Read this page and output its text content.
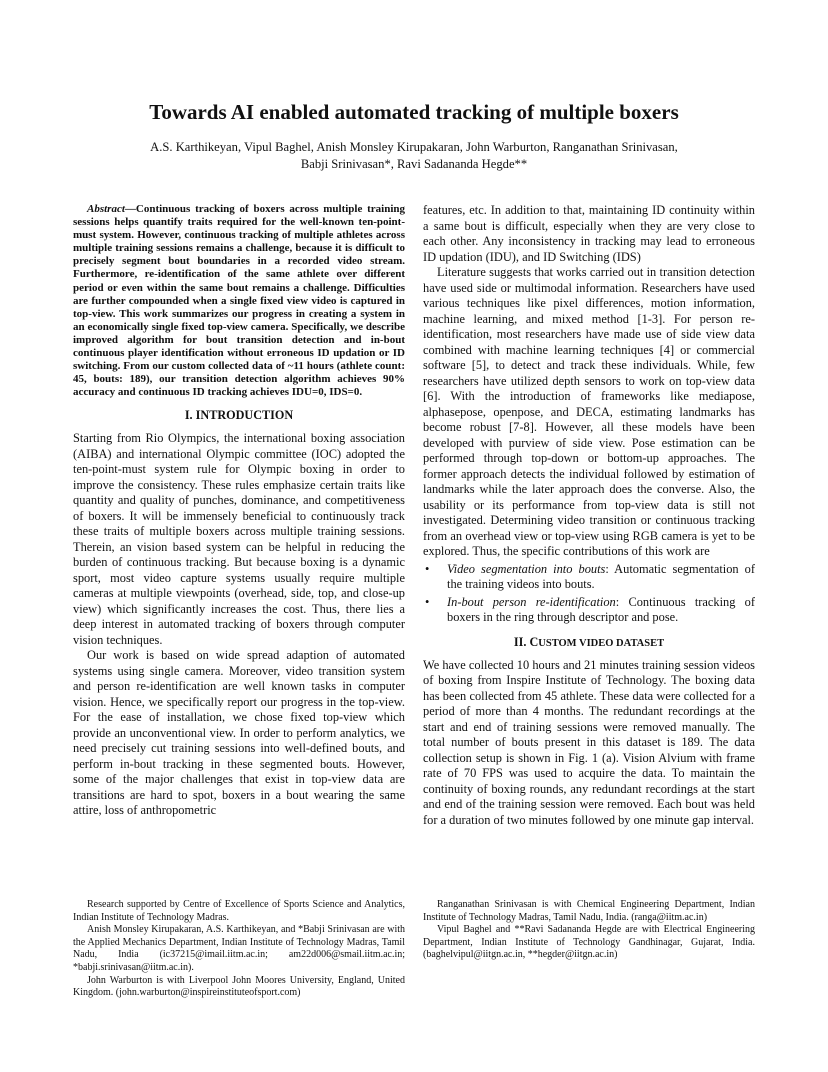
Towards AI enabled automated tracking of multiple boxers
A.S. Karthikeyan, Vipul Baghel, Anish Monsley Kirupakaran, John Warburton, Ranganathan Srinivasan,
Babji Srinivasan*, Ravi Sadananda Hegde**

Abstract—Continuous tracking of boxers across multiple training sessions helps quantify traits required for the well-known ten-point-must system. However, continuous tracking of multiple athletes across multiple training sessions remains a challenge, because it is difficult to precisely segment bout boundaries in a recorded video stream. Furthermore, re-identification of the same athlete over different period or even within the same bout remains a challenge. Difficulties are further compounded when a single fixed view video is captured in top-view. This work summarizes our progress in creating a system in an economically single fixed top-view camera. Specifically, we describe improved algorithm for bout transition detection and in-bout continuous player identification without erroneous ID updation or ID switching. From our custom collected data of ~11 hours (athlete count: 45, bouts: 189), our transition detection algorithm achieves 90% accuracy and continuous ID tracking achieves IDU=0, IDS=0.

I. INTRODUCTION

Starting from Rio Olympics, the international boxing association (AIBA) and international Olympic committee (IOC) adopted the ten-point-must system rule for Olympic boxing in order to improve the consistency. These rules emphasize certain traits like quantity and quality of punches, dominance, and competitiveness of boxers. It will be immensely beneficial to continuously track these traits of multiple boxers across multiple training sessions. Therein, an vision based system can be helpful in reducing the burden of continuous tracking. But because boxing is a dynamic sport, most video capture systems usually require multiple cameras at multiple viewpoints (overhead, side, top, and close-up view) which significantly increases the cost. Thus, there lies a deep interest in automated tracking of boxers through computer vision techniques.

Our work is based on wide spread adaption of automated systems using single camera. Moreover, video transition system and person re-identification are well known tasks in computer vision. Hence, we specifically report our progress in the top-view. For the ease of installation, we chose fixed top-view which provide an unconventional view. In order to perform analytics, we need precisely cut training sessions into well-defined bouts, and perform in-bout tracking in these segmented bouts. However, some of the major challenges that exist in top-view data are transitions are hard to spot, boxers in a bout wearing the same attire, loss of anthropometric

features, etc. In addition to that, maintaining ID continuity within a same bout is difficult, especially when they are very close to each other. Any inconsistency in tracking may lead to erroneous ID updation (IDU), and ID Switching (IDS)

Literature suggests that works carried out in transition detection have used side or multimodal information. Researchers have used various techniques like pixel differences, motion information, machine learning, and mixed method [1-3]. For person re-identification, most researchers have made use of side view data combined with machine learning techniques [4] or commercial software [5], to detect and track these individuals. While, few researchers have utilized depth sensors to work on top-view data [6]. With the introduction of frameworks like mediapose, alphasepose, openpose, and DECA, estimating landmarks has become robust [7-8]. However, all these models have been developed with purview of side view. Pose estimation can be performed through top-down or bottom-up approaches. The former approach detects the individual followed by estimation of landmarks while the later approach does the converse. Also, the usability or its performance from top-view data is still not investigated. Determining video transition or continuous tracking from an overhead view or top-view using RGB camera is yet to be explored. Thus, the specific contributions of this work are

• Video segmentation into bouts: Automatic segmentation of the training videos into bouts.
• In-bout person re-identification: Continuous tracking of boxers in the ring through descriptor and pose.
II. CUSTOM VIDEO DATASET

We have collected 10 hours and 21 minutes training session videos of boxing from Inspire Institute of Technology. The boxing data has been collected from 45 athlete. These data were collected for a period of more than 4 months. The redundant recordings at the start and end of training sessions were removed manually. The total number of bouts present in this dataset is 189. The data collection setup is shown in Fig. 1 (a). Vision Alvium with frame rate of 70 FPS was used to acquire the data. To maintain the continuity of boxing rounds, any redundant recordings at the start and end of the training session were removed. Each bout was held for a duration of two minutes followed by one minute gap interval.

Research supported by Centre of Excellence of Sports Science and Analytics, Indian Institute of Technology Madras.

Anish Monsley Kirupakaran, A.S. Karthikeyan, and *Babji Srinivasan are with the Applied Mechanics Department, Indian Institute of Technology Madras, Tamil Nadu, India (ic37215@imail.iitm.ac.in; am22d006@smail.iitm.ac.in; *babji.srinivasan@iitm.ac.in).

John Warburton is with Liverpool John Moores University, England, United Kingdom. (john.warburton@inspireinstituteofsport.com)

Ranganathan Srinivasan is with Chemical Engineering Department, Indian Institute of Technology Madras, Tamil Nadu, India. (ranga@iitm.ac.in)

Vipul Baghel and **Ravi Sadananda Hegde are with Electrical Engineering Department, Indian Institute of Technology Gandhinagar, Gujarat, India. (baghelvipul@iitgn.ac.in, **hegder@iitgn.ac.in)
